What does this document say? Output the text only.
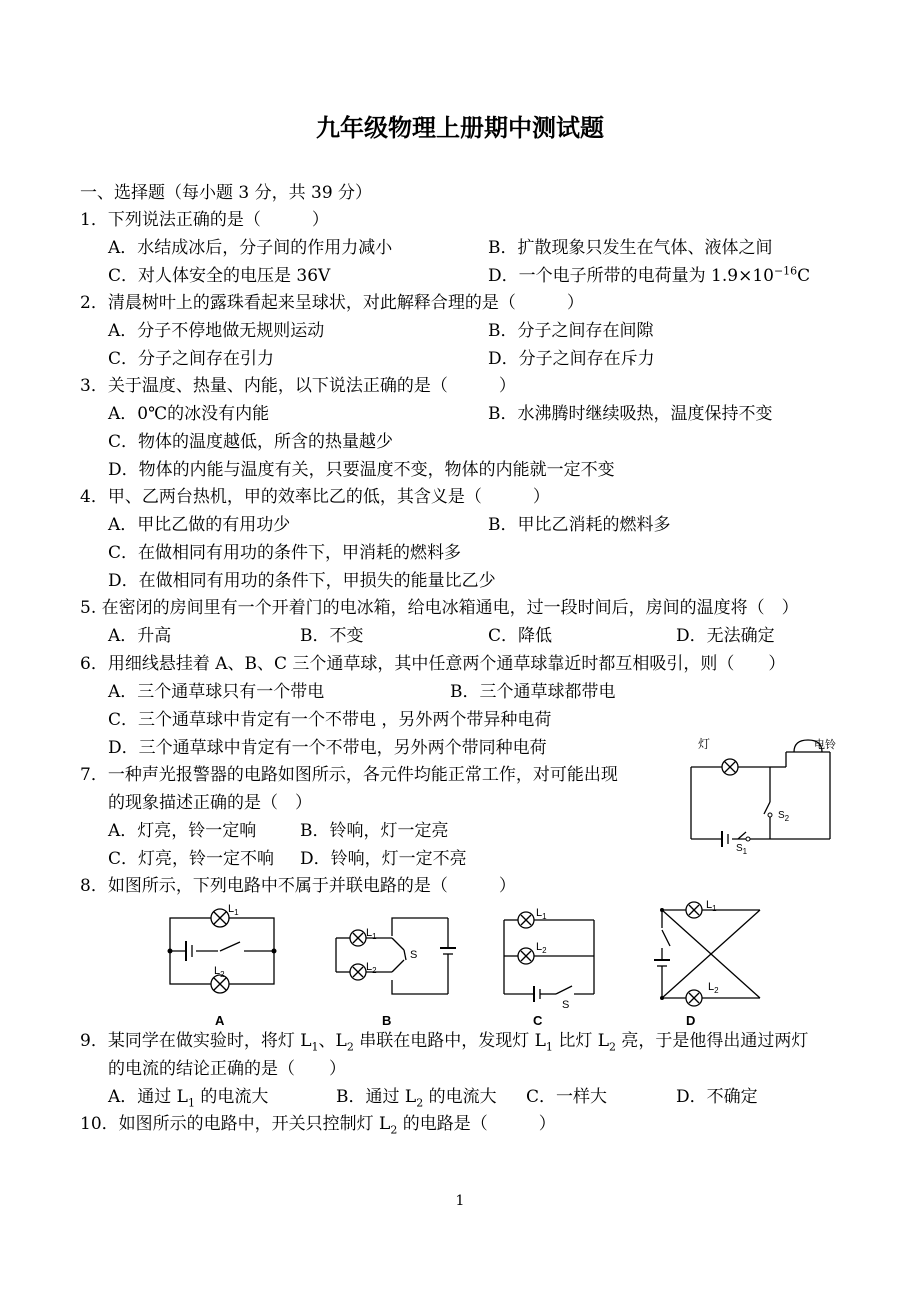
九年级物理上册期中测试题
一、选择题（每小题 3 分，共 39 分）
1．下列说法正确的是（　　　）
A．水结成冰后，分子间的作用力减小	B．扩散现象只发生在气体、液体之间
C．对人体安全的电压是 36V	D．一个电子所带的电荷量为 $1.9\times 10^{-16}C$
2．清晨树叶上的露珠看起来呈球状，对此解释合理的是（　　　）
A．分子不停地做无规则运动	B．分子之间存在间隙
C．分子之间存在引力	D．分子之间存在斥力
3．关于温度、热量、内能，以下说法正确的是（　　　）
A．0℃的冰没有内能	B．水沸腾时继续吸热，温度保持不变
C．物体的温度越低，所含的热量越少
D．物体的内能与温度有关，只要温度不变，物体的内能就一定不变
4．甲、乙两台热机，甲的效率比乙的低，其含义是（　　　）
A．甲比乙做的有用功少	B．甲比乙消耗的燃料多
C．在做相同有用功的条件下，甲消耗的燃料多
D．在做相同有用功的条件下，甲损失的能量比乙少
5. 在密闭的房间里有一个开着门的电冰箱，给电冰箱通电，过一段时间后，房间的温度将（　）
A．升高	B．不变	C．降低	D．无法确定
6．用细线悬挂着 A、B、C 三个通草球，其中任意两个通草球靠近时都互相吸引，则（　　）
A．三个通草球只有一个带电	B．三个通草球都带电
C．三个通草球中肯定有一个不带电 ，另外两个带异种电荷
D．三个通草球中肯定有一个不带电，另外两个带同种电荷
7．一种声光报警器的电路如图所示，各元件均能正常工作，对可能出现
的现象描述正确的是（　）
A．灯亮，铃一定响	B．铃响，灯一定亮
C．灯亮，铃一定不响 D．铃响，灯一定不亮
灯	电铃
$S_2$
$S_1$
8．如图所示，下列电路中不属于并联电路的是（　　　）
$L_1$
$L_2$
A
$L_1$
$L_2$
S
B
$L_1$
$L_2$
S
C
$L_1$
$L_2$
D
9．某同学在做实验时，将灯 $L_1$、$L_2$ 串联在电路中，发现灯 $L_1$ 比灯 $L_2$ 亮，于是他得出通过两灯
的电流的结论正确的是（　　）
A．通过 $L_1$ 的电流大	B．通过 $L_2$ 的电流大 C．一样大	D．不确定
10．如图所示的电路中，开关只控制灯 $L_2$ 的电路是（　　　）
1
